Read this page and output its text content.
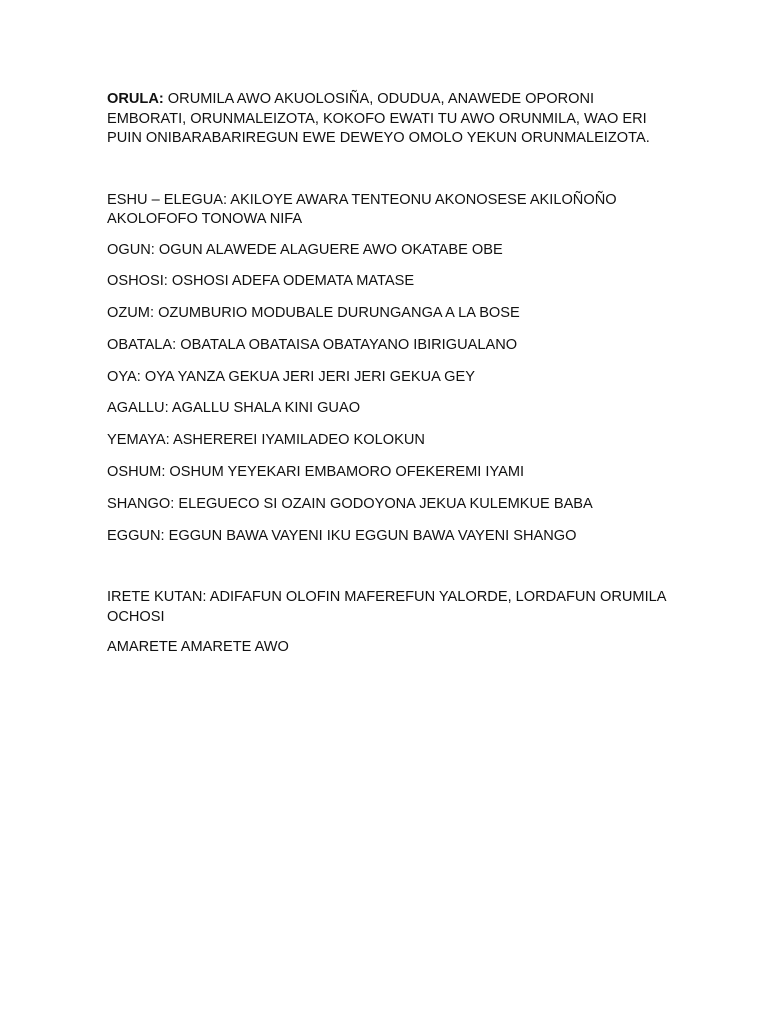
ORULA: ORUMILA AWO AKUOLOSIÑA, ODUDUA, ANAWEDE OPORONI EMBORATI, ORUNMALEIZOTA, KOKOFO EWATI TU AWO ORUNMILA, WAO ERI PUIN ONIBARABARIREGUN EWE DEWEYO OMOLO YEKUN ORUNMALEIZOTA.

ESHU – ELEGUA: AKILOYE AWARA TENTEONU AKONOSESE AKILOÑOÑO AKOLOFOFO TONOWA NIFA

OGUN: OGUN ALAWEDE ALAGUERE AWO OKATABE OBE

OSHOSI: OSHOSI ADEFA ODEMATA MATASE

OZUM: OZUMBURIO MODUBALE DURUNGANGA A LA BOSE

OBATALA: OBATALA OBATAISA OBATAYANO IBIRIGUALANO

OYA: OYA YANZA GEKUA JERI JERI JERI GEKUA GEY

AGALLU: AGALLU SHALA KINI GUAO

YEMAYA: ASHEREREI IYAMILADEO KOLOKUN

OSHUM: OSHUM YEYEKARI EMBAMORO OFEKEREMI IYAMI

SHANGO: ELEGUECO SI OZAIN GODOYONA JEKUA KULEMKUE BABA

EGGUN: EGGUN BAWA VAYENI IKU EGGUN BAWA VAYENI SHANGO

IRETE KUTAN: ADIFAFUN OLOFIN MAFEREFUN YALORDE, LORDAFUN ORUMILA OCHOSI

AMARETE AMARETE AWO
